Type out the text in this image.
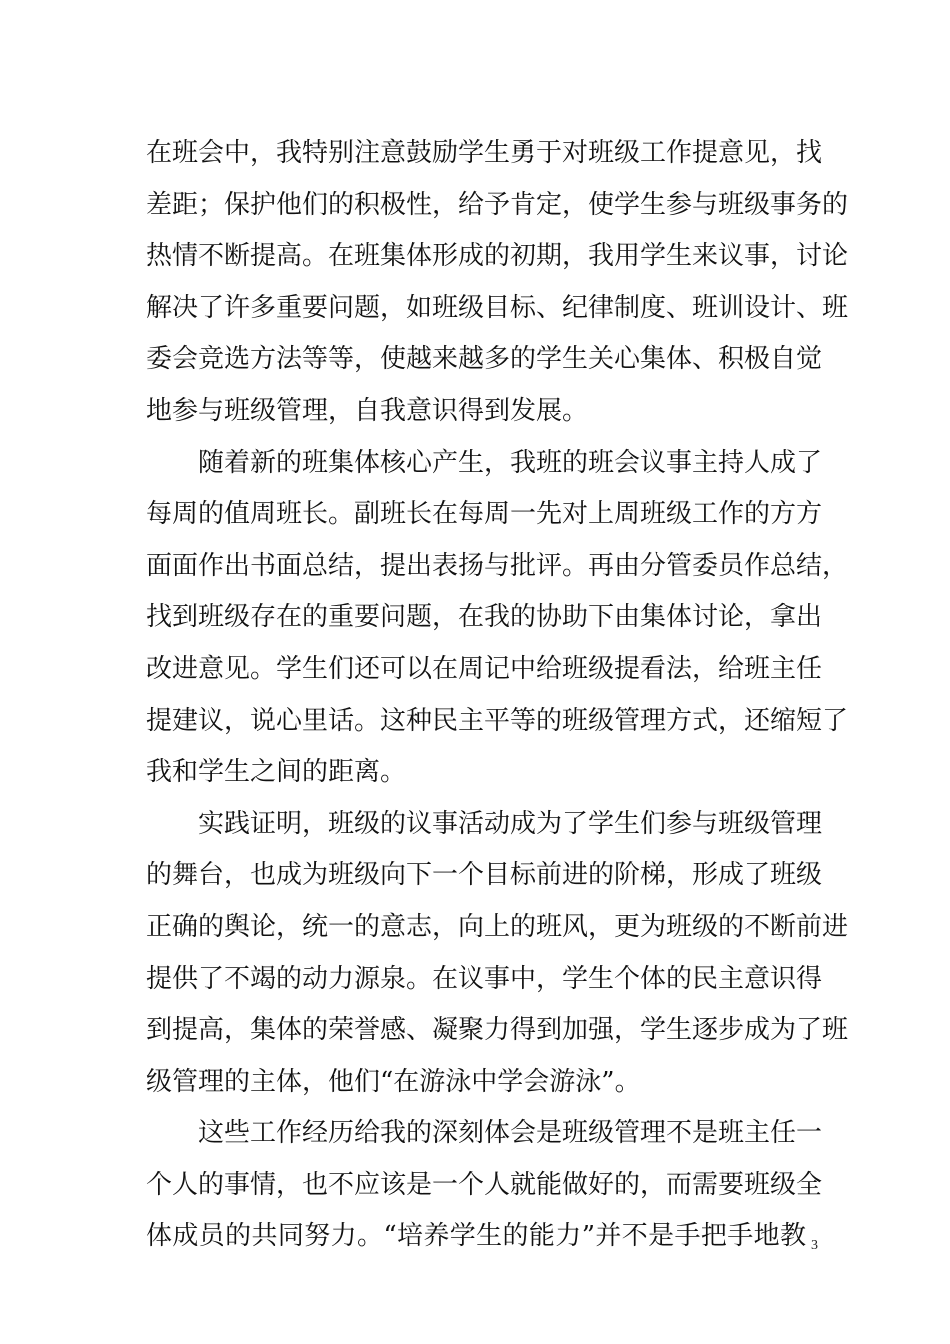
在班会中，我特别注意鼓励学生勇于对班级工作提意见，找
差距；保护他们的积极性，给予肯定，使学生参与班级事务的
热情不断提高。在班集体形成的初期，我用学生来议事，讨论
解决了许多重要问题，如班级目标、纪律制度、班训设计、班
委会竞选方法等等，使越来越多的学生关心集体、积极自觉
地参与班级管理，自我意识得到发展。
　　随着新的班集体核心产生，我班的班会议事主持人成了
每周的值周班长。副班长在每周一先对上周班级工作的方方
面面作出书面总结，提出表扬与批评。再由分管委员作总结，
找到班级存在的重要问题，在我的协助下由集体讨论，拿出
改进意见。学生们还可以在周记中给班级提看法，给班主任
提建议，说心里话。这种民主平等的班级管理方式，还缩短了
我和学生之间的距离。
　　实践证明，班级的议事活动成为了学生们参与班级管理
的舞台，也成为班级向下一个目标前进的阶梯，形成了班级
正确的舆论，统一的意志，向上的班风，更为班级的不断前进
提供了不竭的动力源泉。在议事中，学生个体的民主意识得
到提高，集体的荣誉感、凝聚力得到加强，学生逐步成为了班
级管理的主体，他们“在游泳中学会游泳”。
　　这些工作经历给我的深刻体会是班级管理不是班主任一
个人的事情，也不应该是一个人就能做好的，而需要班级全
体成员的共同努力。“培养学生的能力”并不是手把手地教 3
